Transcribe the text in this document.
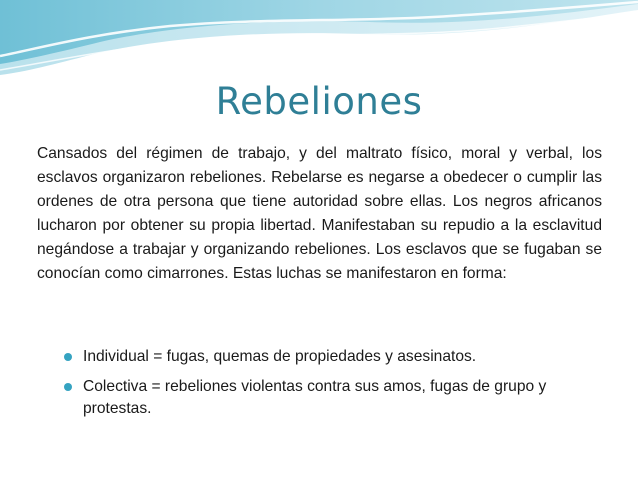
Rebeliones

Cansados del régimen de trabajo, y del maltrato físico, moral y verbal, los esclavos organizaron rebeliones. Rebelarse es negarse a obedecer o cumplir las ordenes de otra persona que tiene autoridad sobre ellas. Los negros africanos lucharon por obtener su propia libertad. Manifestaban su repudio a la esclavitud negándose a trabajar y organizando rebeliones. Los esclavos que se fugaban se conocían como cimarrones. Estas luchas se manifestaron en forma:

Individual = fugas, quemas de propiedades y asesinatos.
Colectiva = rebeliones violentas contra sus amos, fugas de grupo y protestas.
